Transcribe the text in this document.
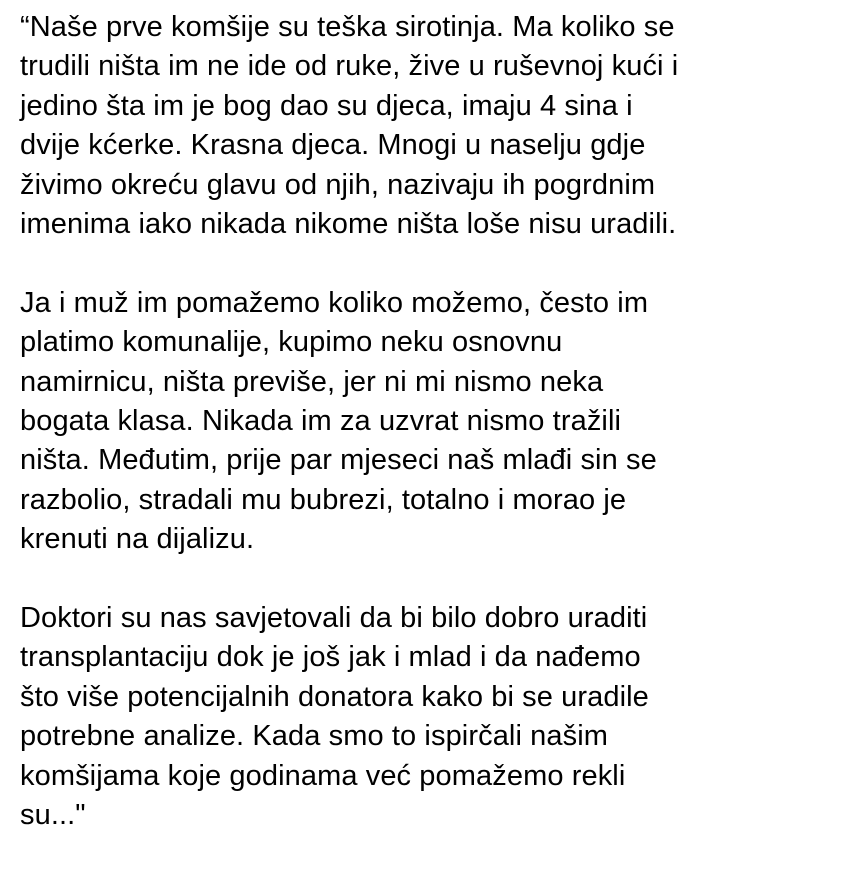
“Naše prve komšije su teška sirotinja. Ma koliko se
trudili ništa im ne ide od ruke, žive u ruševnoj kući i
jedino šta im je bog dao su djeca, imaju 4 sina i
dvije kćerke. Krasna djeca. Mnogi u naselju gdje
živimo okreću glavu od njih, nazivaju ih pogrdnim
imenima iako nikada nikome ništa loše nisu uradili.

Ja i muž im pomažemo koliko možemo, često im
platimo komunalije, kupimo neku osnovnu
namirnicu, ništa previše, jer ni mi nismo neka
bogata klasa. Nikada im za uzvrat nismo tražili
ništa. Međutim, prije par mjeseci naš mlađi sin se
razbolio, stradali mu bubrezi, totalno i morao je
krenuti na dijalizu.

Doktori su nas savjetovali da bi bilo dobro uraditi
transplantaciju dok je još jak i mlad i da nađemo
što više potencijalnih donatora kako bi se uradile
potrebne analize. Kada smo to ispirčali našim
komšijama koje godinama već pomažemo rekli
su..."
